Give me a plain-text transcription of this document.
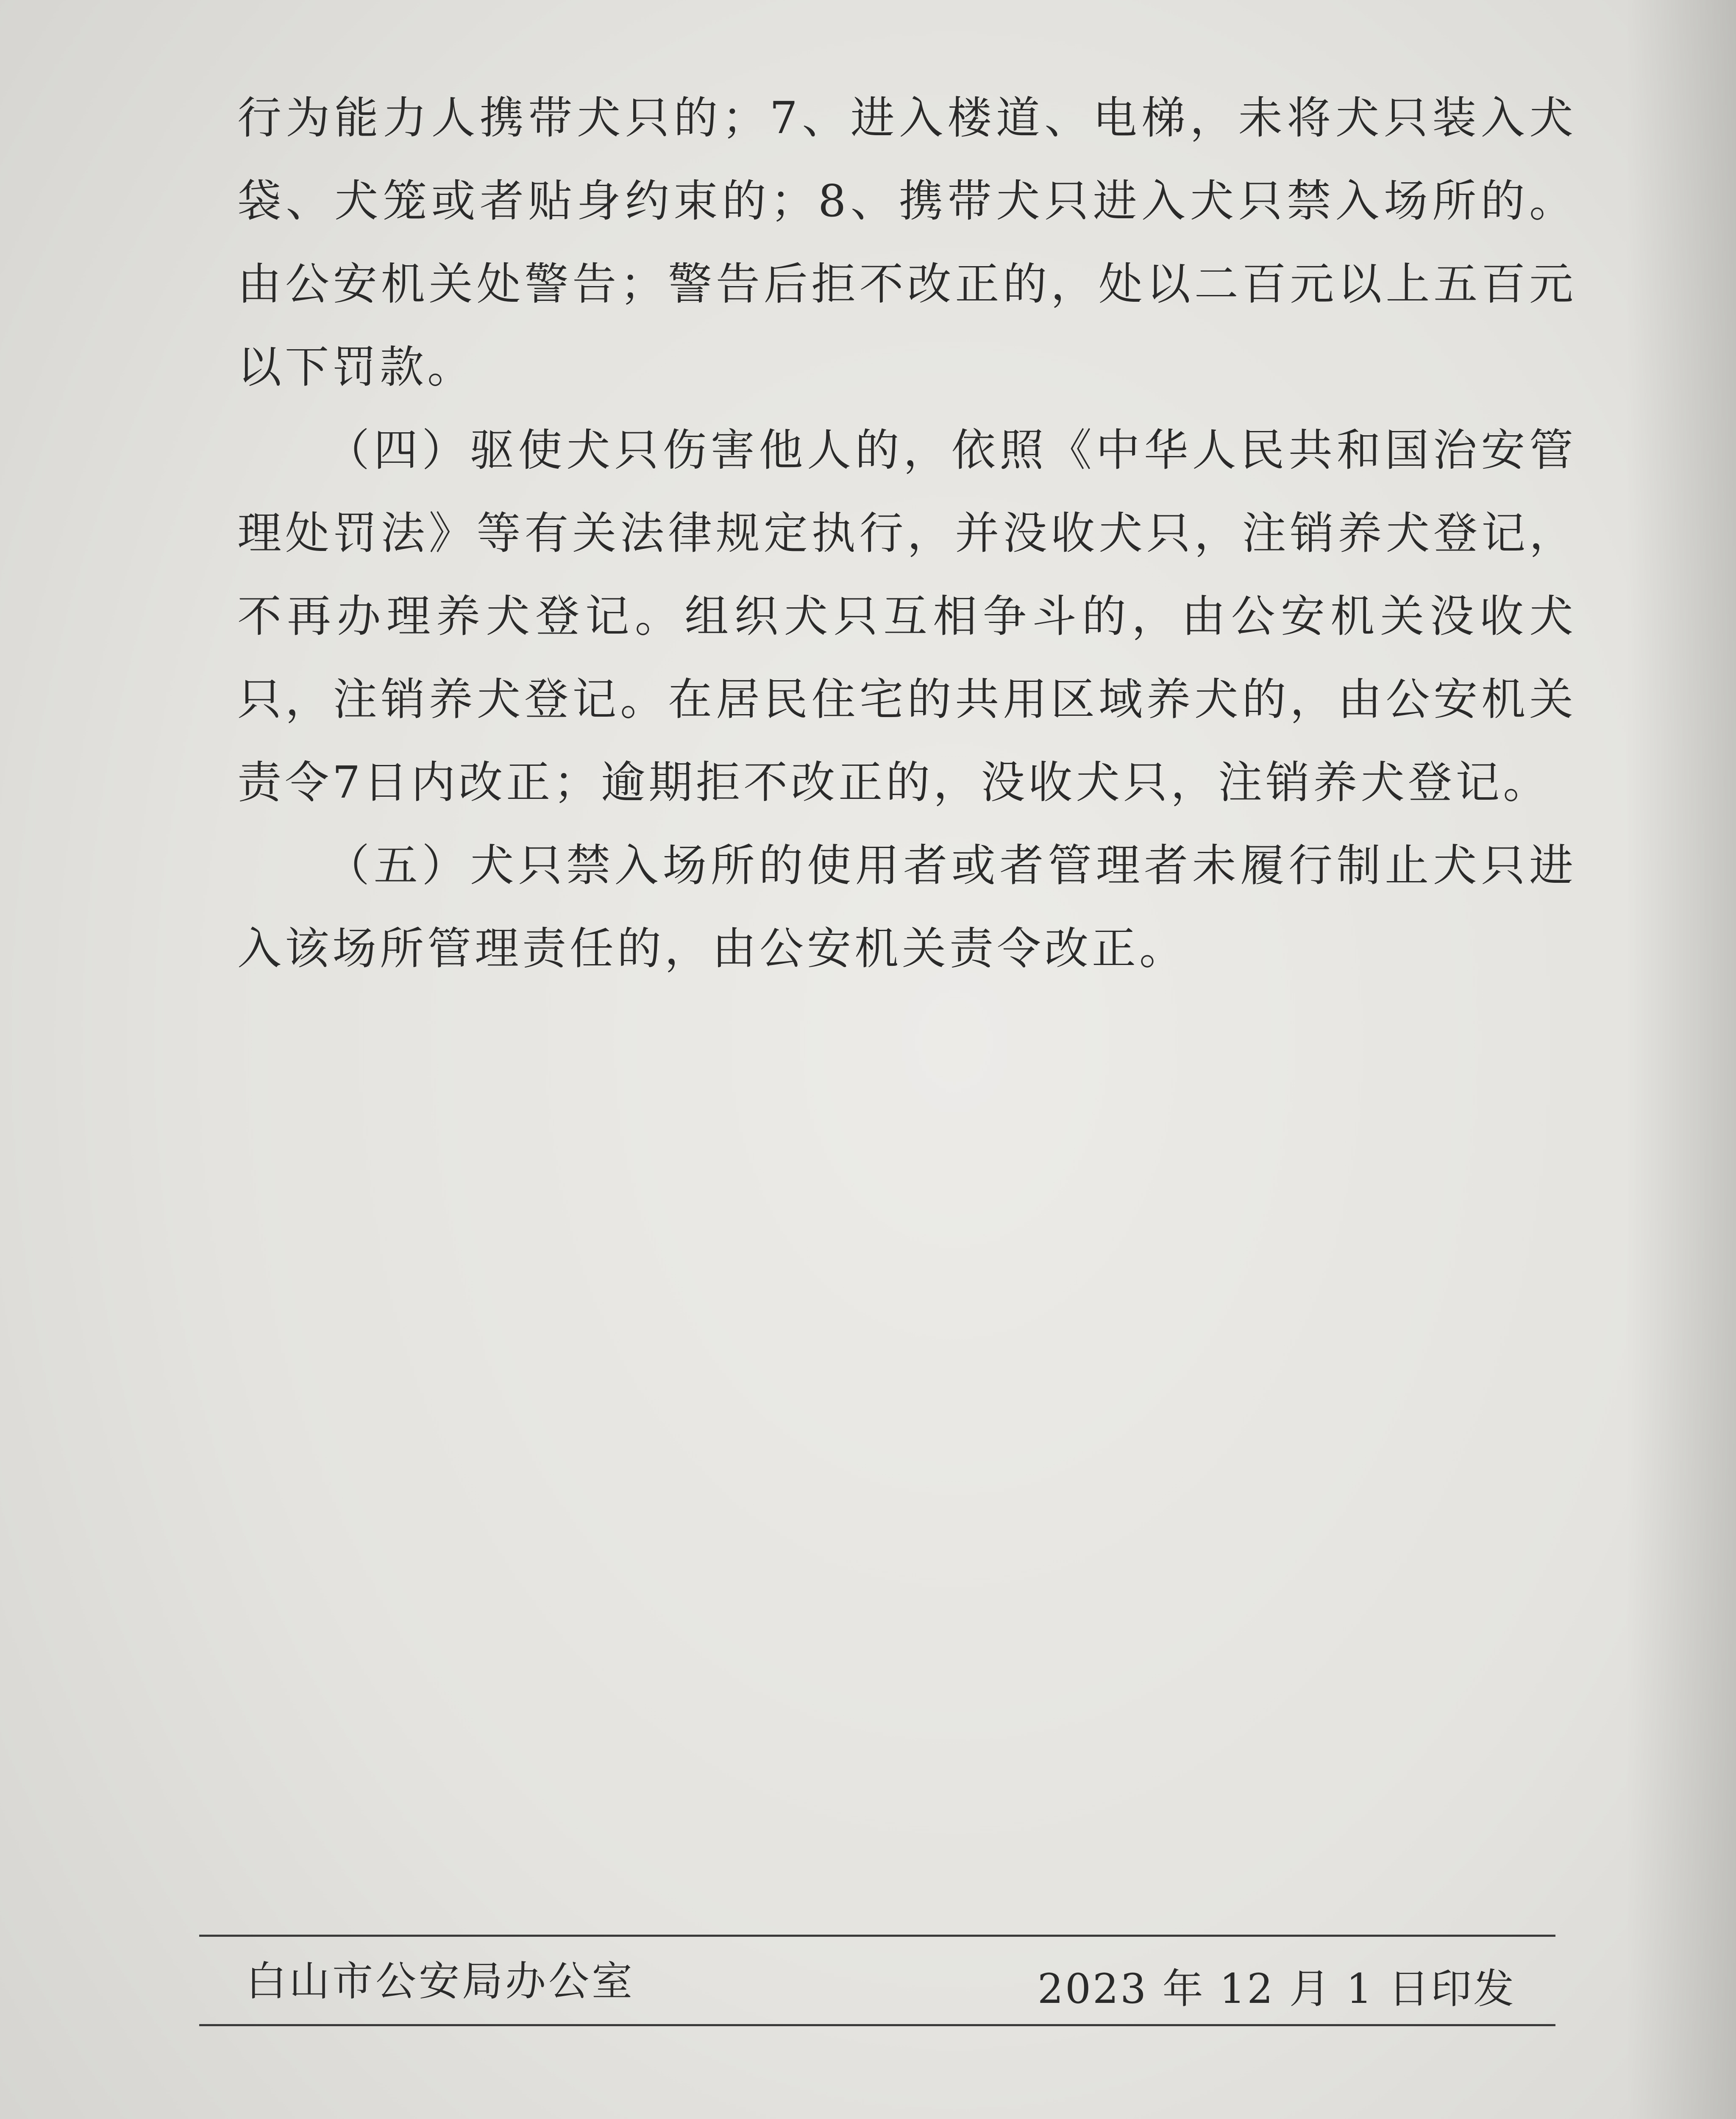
行为能力人携带犬只的；7、进入楼道、电梯，未将犬只装入犬袋、犬笼或者贴身约束的；8、携带犬只进入犬只禁入场所的。由公安机关处警告；警告后拒不改正的，处以二百元以上五百元以下罚款。

（四）驱使犬只伤害他人的，依照《中华人民共和国治安管理处罚法》等有关法律规定执行，并没收犬只，注销养犬登记，不再办理养犬登记。组织犬只互相争斗的，由公安机关没收犬只，注销养犬登记。在居民住宅的共用区域养犬的，由公安机关责令7日内改正；逾期拒不改正的，没收犬只，注销养犬登记。

（五）犬只禁入场所的使用者或者管理者未履行制止犬只进入该场所管理责任的，由公安机关责令改正。

白山市公安局办公室	2023 年 12 月 1 日印发
